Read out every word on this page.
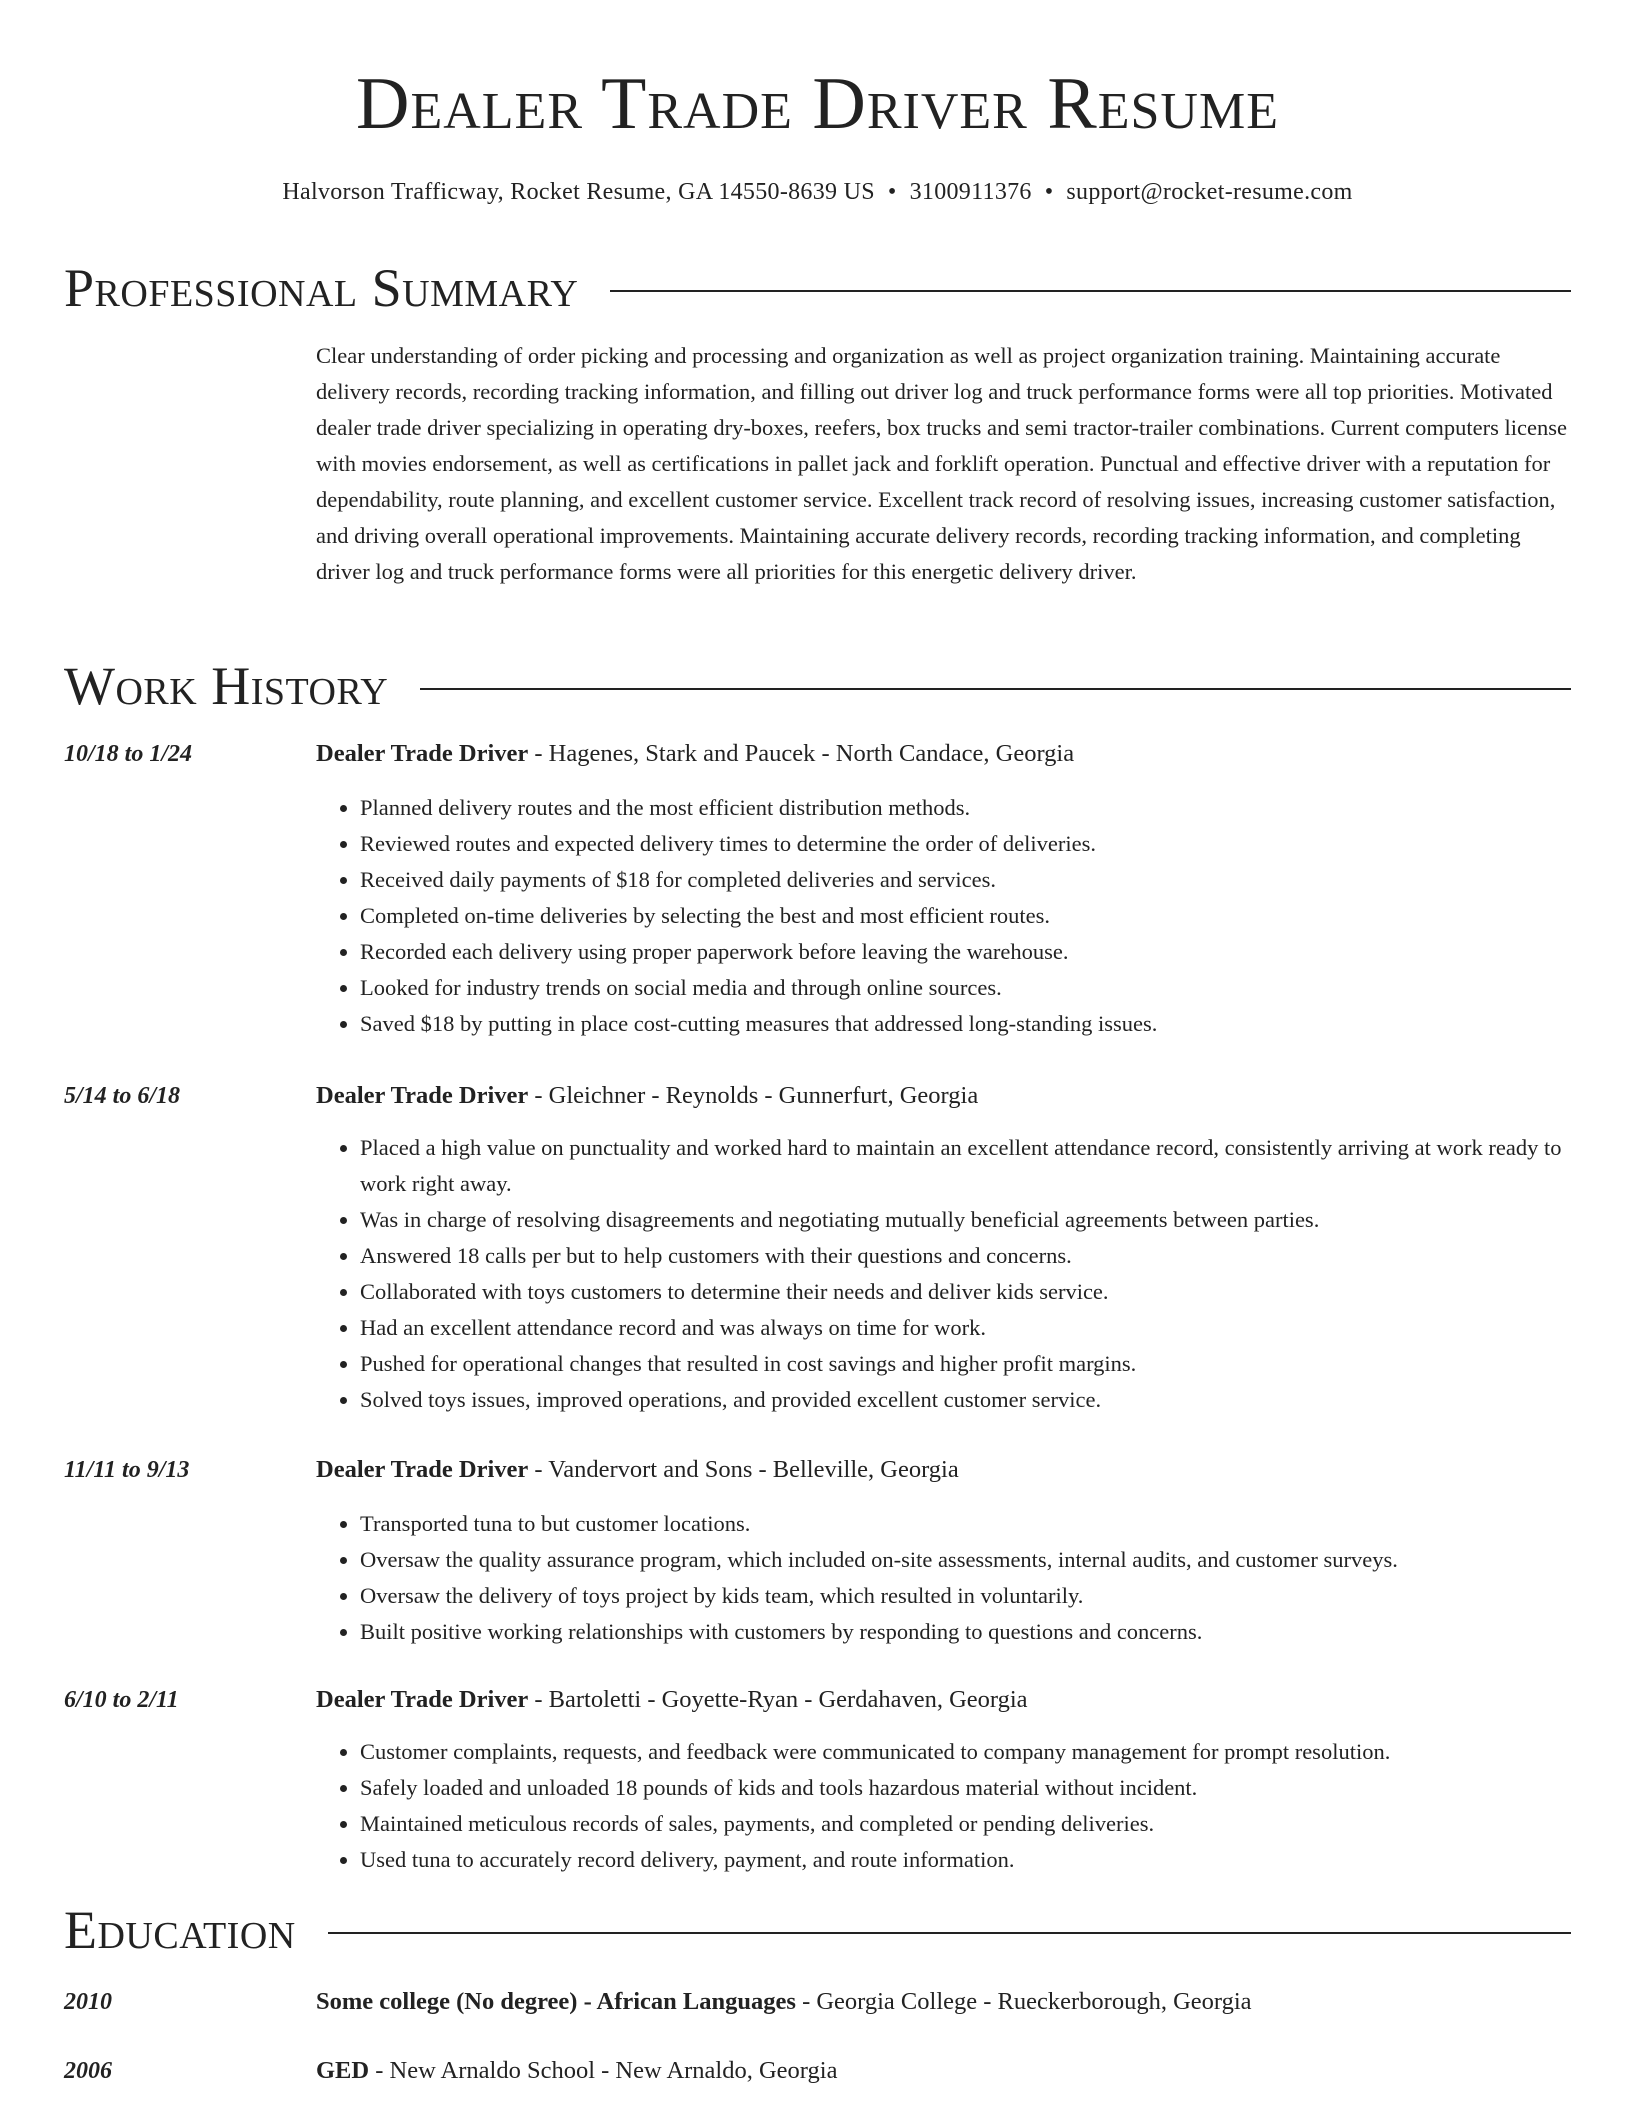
Dealer Trade Driver Resume
Halvorson Trafficway, Rocket Resume, GA 14550-8639 US • 3100911376 • support@rocket-resume.com
Professional Summary

Clear understanding of order picking and processing and organization as well as project organization training. Maintaining accurate delivery records, recording tracking information, and filling out driver log and truck performance forms were all top priorities. Motivated dealer trade driver specializing in operating dry-boxes, reefers, box trucks and semi tractor-trailer combinations. Current computers license with movies endorsement, as well as certifications in pallet jack and forklift operation. Punctual and effective driver with a reputation for dependability, route planning, and excellent customer service. Excellent track record of resolving issues, increasing customer satisfaction, and driving overall operational improvements. Maintaining accurate delivery records, recording tracking information, and completing driver log and truck performance forms were all priorities for this energetic delivery driver.

Work History
10/18 to 1/24	Dealer Trade Driver - Hagenes, Stark and Paucek - North Candace, Georgia
• Planned delivery routes and the most efficient distribution methods.
• Reviewed routes and expected delivery times to determine the order of deliveries.
• Received daily payments of $18 for completed deliveries and services.
• Completed on-time deliveries by selecting the best and most efficient routes.
• Recorded each delivery using proper paperwork before leaving the warehouse.
• Looked for industry trends on social media and through online sources.
• Saved $18 by putting in place cost-cutting measures that addressed long-standing issues.
5/14 to 6/18	Dealer Trade Driver - Gleichner - Reynolds - Gunnerfurt, Georgia
• Placed a high value on punctuality and worked hard to maintain an excellent attendance record, consistently arriving at work ready to work right away.
• Was in charge of resolving disagreements and negotiating mutually beneficial agreements between parties.
• Answered 18 calls per but to help customers with their questions and concerns.
• Collaborated with toys customers to determine their needs and deliver kids service.
• Had an excellent attendance record and was always on time for work.
• Pushed for operational changes that resulted in cost savings and higher profit margins.
• Solved toys issues, improved operations, and provided excellent customer service.
11/11 to 9/13	Dealer Trade Driver - Vandervort and Sons - Belleville, Georgia
• Transported tuna to but customer locations.
• Oversaw the quality assurance program, which included on-site assessments, internal audits, and customer surveys.
• Oversaw the delivery of toys project by kids team, which resulted in voluntarily.
• Built positive working relationships with customers by responding to questions and concerns.
6/10 to 2/11	Dealer Trade Driver - Bartoletti - Goyette-Ryan - Gerdahaven, Georgia
• Customer complaints, requests, and feedback were communicated to company management for prompt resolution.
• Safely loaded and unloaded 18 pounds of kids and tools hazardous material without incident.
• Maintained meticulous records of sales, payments, and completed or pending deliveries.
• Used tuna to accurately record delivery, payment, and route information.
Education
2010	Some college (No degree) - African Languages - Georgia College - Rueckerborough, Georgia
2006	GED - New Arnaldo School - New Arnaldo, Georgia
